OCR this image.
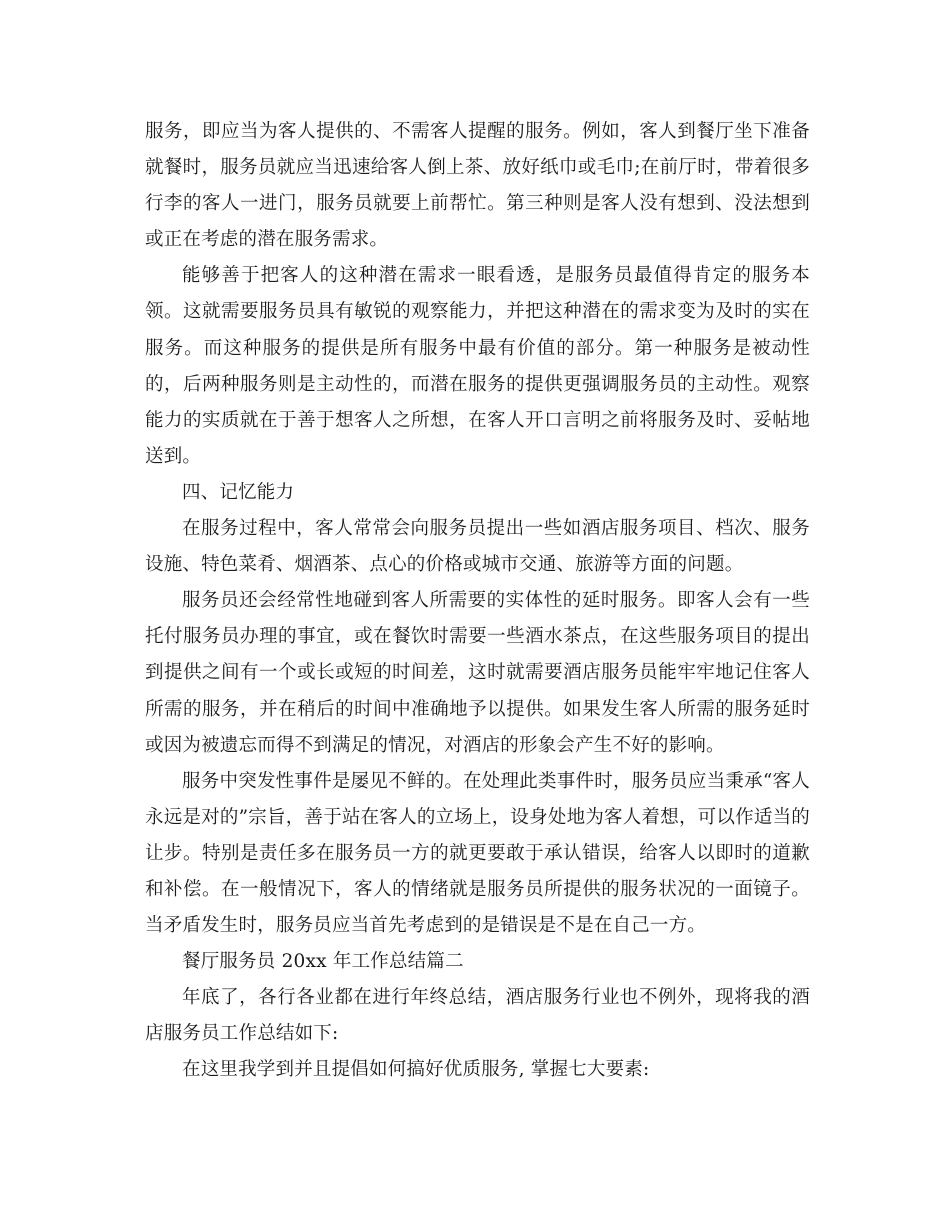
服务，即应当为客人提供的、不需客人提醒的服务。例如，客人到餐厅坐下准备就餐时，服务员就应当迅速给客人倒上茶、放好纸巾或毛巾;在前厅时，带着很多行李的客人一进门，服务员就要上前帮忙。第三种则是客人没有想到、没法想到或正在考虑的潜在服务需求。

能够善于把客人的这种潜在需求一眼看透，是服务员最值得肯定的服务本领。这就需要服务员具有敏锐的观察能力，并把这种潜在的需求变为及时的实在服务。而这种服务的提供是所有服务中最有价值的部分。第一种服务是被动性的，后两种服务则是主动性的，而潜在服务的提供更强调服务员的主动性。观察能力的实质就在于善于想客人之所想，在客人开口言明之前将服务及时、妥帖地送到。

四、记忆能力

在服务过程中，客人常常会向服务员提出一些如酒店服务项目、档次、服务设施、特色菜肴、烟酒茶、点心的价格或城市交通、旅游等方面的问题。

服务员还会经常性地碰到客人所需要的实体性的延时服务。即客人会有一些托付服务员办理的事宜，或在餐饮时需要一些酒水茶点，在这些服务项目的提出到提供之间有一个或长或短的时间差，这时就需要酒店服务员能牢牢地记住客人所需的服务，并在稍后的时间中准确地予以提供。如果发生客人所需的服务延时或因为被遗忘而得不到满足的情况，对酒店的形象会产生不好的影响。

服务中突发性事件是屡见不鲜的。在处理此类事件时，服务员应当秉承“客人永远是对的”宗旨，善于站在客人的立场上，设身处地为客人着想，可以作适当的让步。特别是责任多在服务员一方的就更要敢于承认错误，给客人以即时的道歉和补偿。在一般情况下，客人的情绪就是服务员所提供的服务状况的一面镜子。当矛盾发生时，服务员应当首先考虑到的是错误是不是在自己一方。

餐厅服务员 20xx 年工作总结篇二

年底了，各行各业都在进行年终总结，酒店服务行业也不例外，现将我的酒店服务员工作总结如下:

在这里我学到并且提倡如何搞好优质服务, 掌握七大要素:
